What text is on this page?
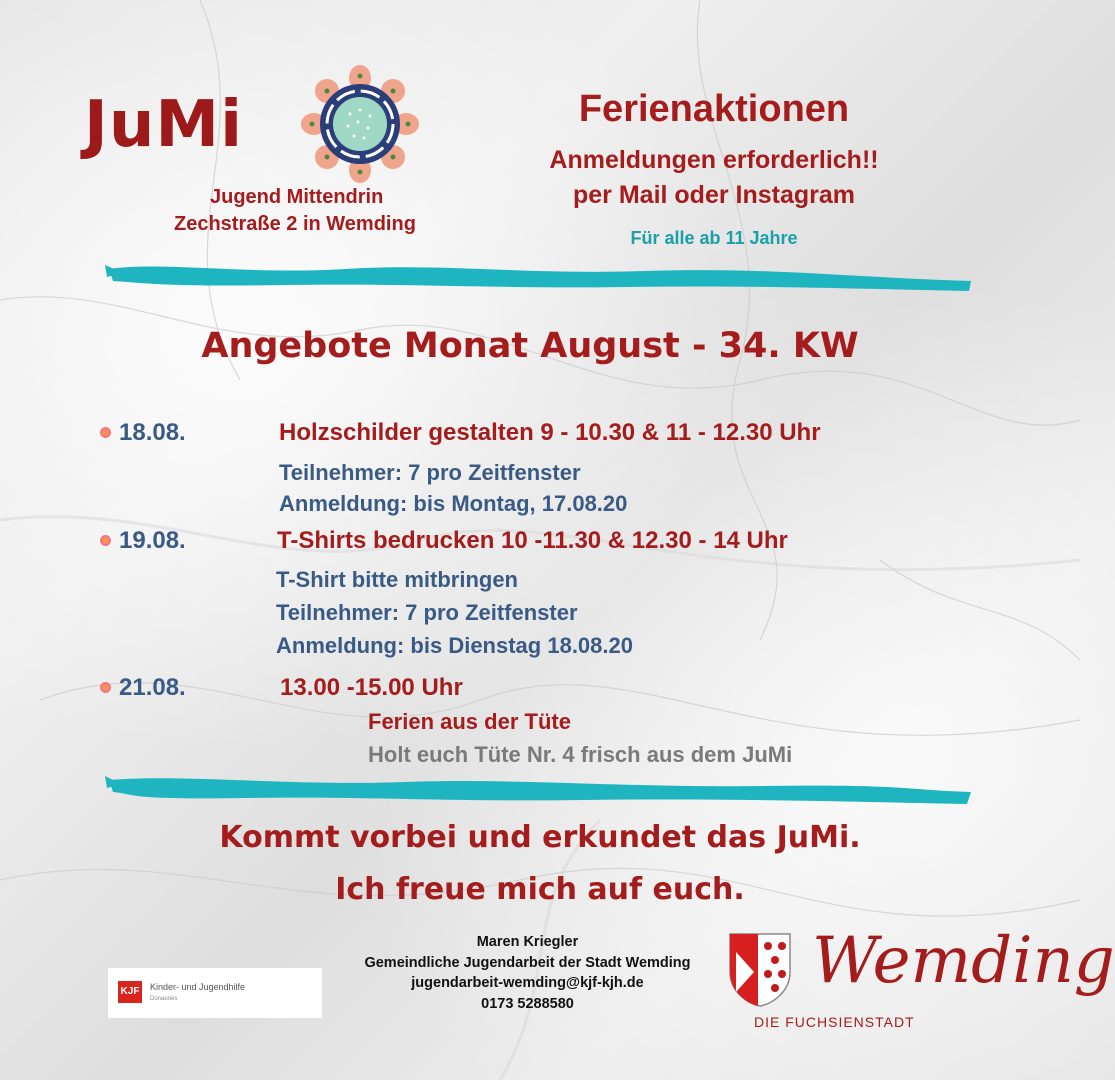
JuMi
Jugend Mittendrin
Zechstraße 2 in Wemding
Ferienaktionen
Anmeldungen erforderlich!!
per Mail oder Instagram
Für alle ab 11 Jahre
Angebote Monat August - 34. KW
18.08.	Holzschilder gestalten 9 - 10.30 & 11 - 12.30 Uhr
Teilnehmer: 7 pro Zeitfenster
Anmeldung: bis Montag, 17.08.20
19.08.	T-Shirts bedrucken 10 -11.30 & 12.30 - 14 Uhr
T-Shirt bitte mitbringen
Teilnehmer: 7 pro Zeitfenster
Anmeldung: bis Dienstag 18.08.20
21.08.	13.00 -15.00 Uhr
Ferien aus der Tüte
Holt euch Tüte Nr. 4 frisch aus dem JuMi
Kommt vorbei und erkundet das JuMi.
Ich freue mich auf euch.
Maren Kriegler
Gemeindliche Jugendarbeit der Stadt Wemding
jugendarbeit-wemding@kjf-kjh.de
0173 5288580
KJF Kinder- und Jugendhilfe
Donauries
Wemding
DIE FUCHSIENSTADT
